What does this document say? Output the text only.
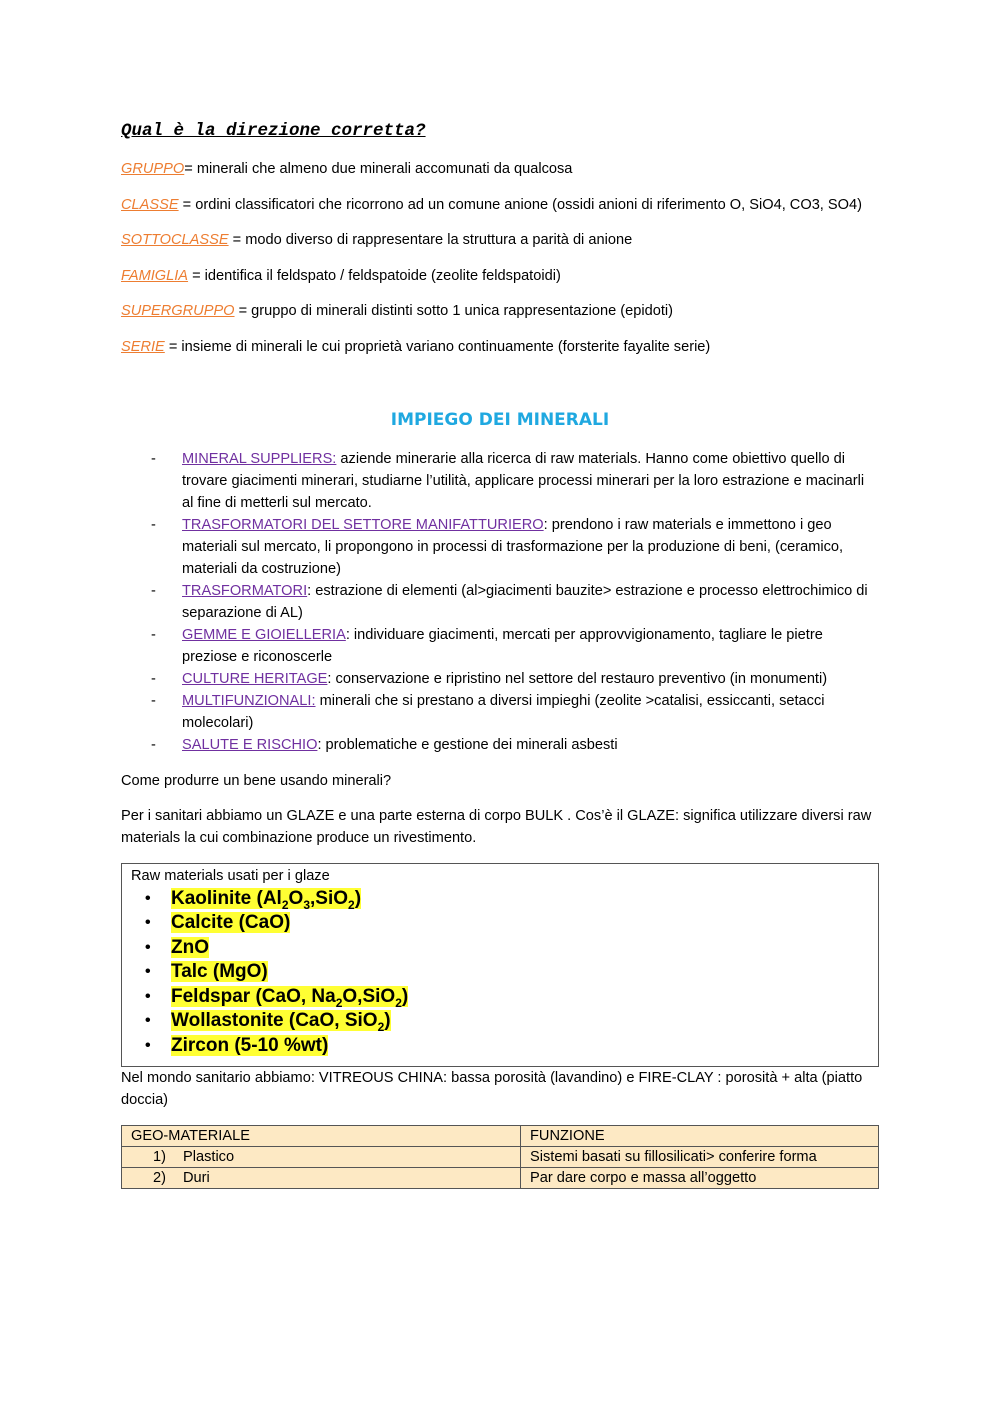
Qual è la direzione corretta?
GRUPPO= minerali che almeno due minerali accomunati da qualcosa
CLASSE = ordini classificatori che ricorrono ad un comune anione (ossidi anioni di riferimento O, SiO4, CO3, SO4)
SOTTOCLASSE = modo diverso di rappresentare la struttura a parità di anione
FAMIGLIA = identifica il feldspato / feldspatoide (zeolite feldspatoidi)
SUPERGRUPPO = gruppo di minerali distinti sotto 1 unica rappresentazione (epidoti)
SERIE = insieme di minerali le cui proprietà variano continuamente (forsterite fayalite serie)
IMPIEGO DEI MINERALI
- MINERAL SUPPLIERS: aziende minerarie alla ricerca di raw materials. Hanno come obiettivo quello di trovare giacimenti minerari, studiarne l’utilità, applicare processi minerari per la loro estrazione e macinarli al fine di metterli sul mercato.
- TRASFORMATORI DEL SETTORE MANIFATTURIERO: prendono i raw materials e immettono i geo materiali sul mercato, li propongono in processi di trasformazione per la produzione di beni, (ceramico, materiali da costruzione)
- TRASFORMATORI: estrazione di elementi (al>giacimenti bauzite> estrazione e processo elettrochimico di separazione di AL)
- GEMME E GIOIELLERIA: individuare giacimenti, mercati per approvvigionamento, tagliare le pietre preziose e riconoscerle
- CULTURE HERITAGE: conservazione e ripristino nel settore del restauro preventivo (in monumenti)
- MULTIFUNZIONALI: minerali che si prestano a diversi impieghi (zeolite >catalisi, essiccanti, setacci molecolari)
- SALUTE E RISCHIO: problematiche e gestione dei minerali asbesti

Come produrre un bene usando minerali?

Per i sanitari abbiamo un GLAZE e una parte esterna di corpo BULK . Cos’è il GLAZE: significa utilizzare diversi raw materials la cui combinazione produce un rivestimento.

Raw materials usati per i glaze
• Kaolinite $(Al_2O_3,SiO_2)$
• Calcite (CaO)
• ZnO
• Talc (MgO)
• Feldspar (CaO, $Na_2O,SiO_2$)
• Wollastonite (CaO, SiO$_2$)
• Zircon (5-10 %wt)

Nel mondo sanitario abbiamo: VITREOUS CHINA: bassa porosità (lavandino) e FIRE-CLAY : porosità + alta (piatto doccia)

GEO-MATERIALE	FUNZIONE
1) Plastico	Sistemi basati su fillosilicati> conferire forma
2) Duri	Par dare corpo e massa all’oggetto
